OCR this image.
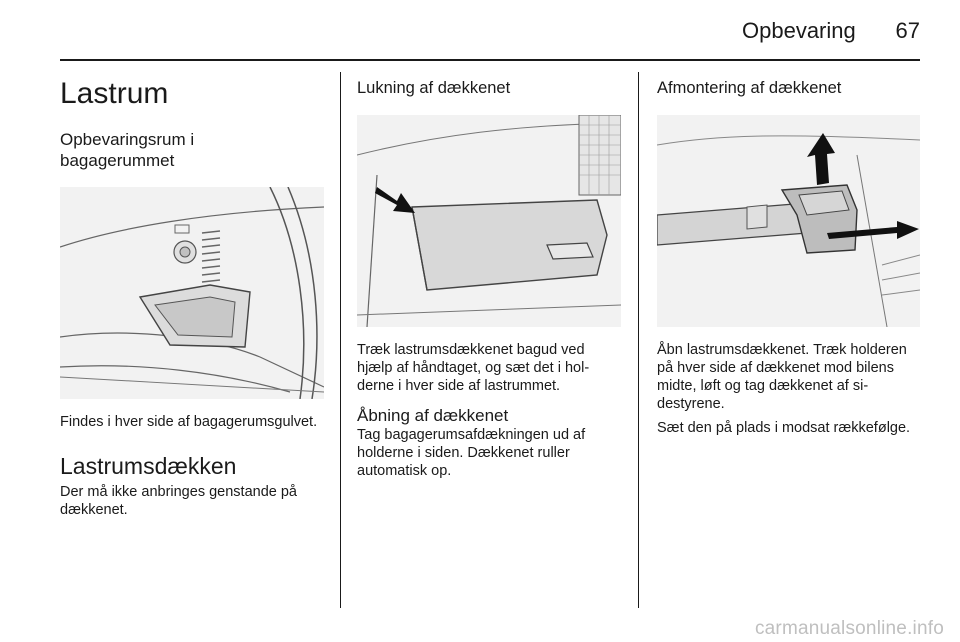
Opbevaring	67
Lastrum
Opbevaringsrum i bagagerummet

Findes i hver side af bagagerumsgulvet.

Lastrumsdækken

Der må ikke anbringes genstande på dækkenet.

Lukning af dækkenet

Træk lastrumsdækkenet bagud ved hjælp af håndtaget, og sæt det i holderne i hver side af lastrummet.

Åbning af dækkenet

Tag bagagerumsafdækningen ud af holderne i siden. Dækkenet ruller automatisk op.

Afmontering af dækkenet

Åbn lastrumsdækkenet. Træk holderen på hver side af dækkenet mod bilens midte, løft og tag dækkenet af sidestyrene.

Sæt den på plads i modsat rækkefølge.

carmanualsonline.info
